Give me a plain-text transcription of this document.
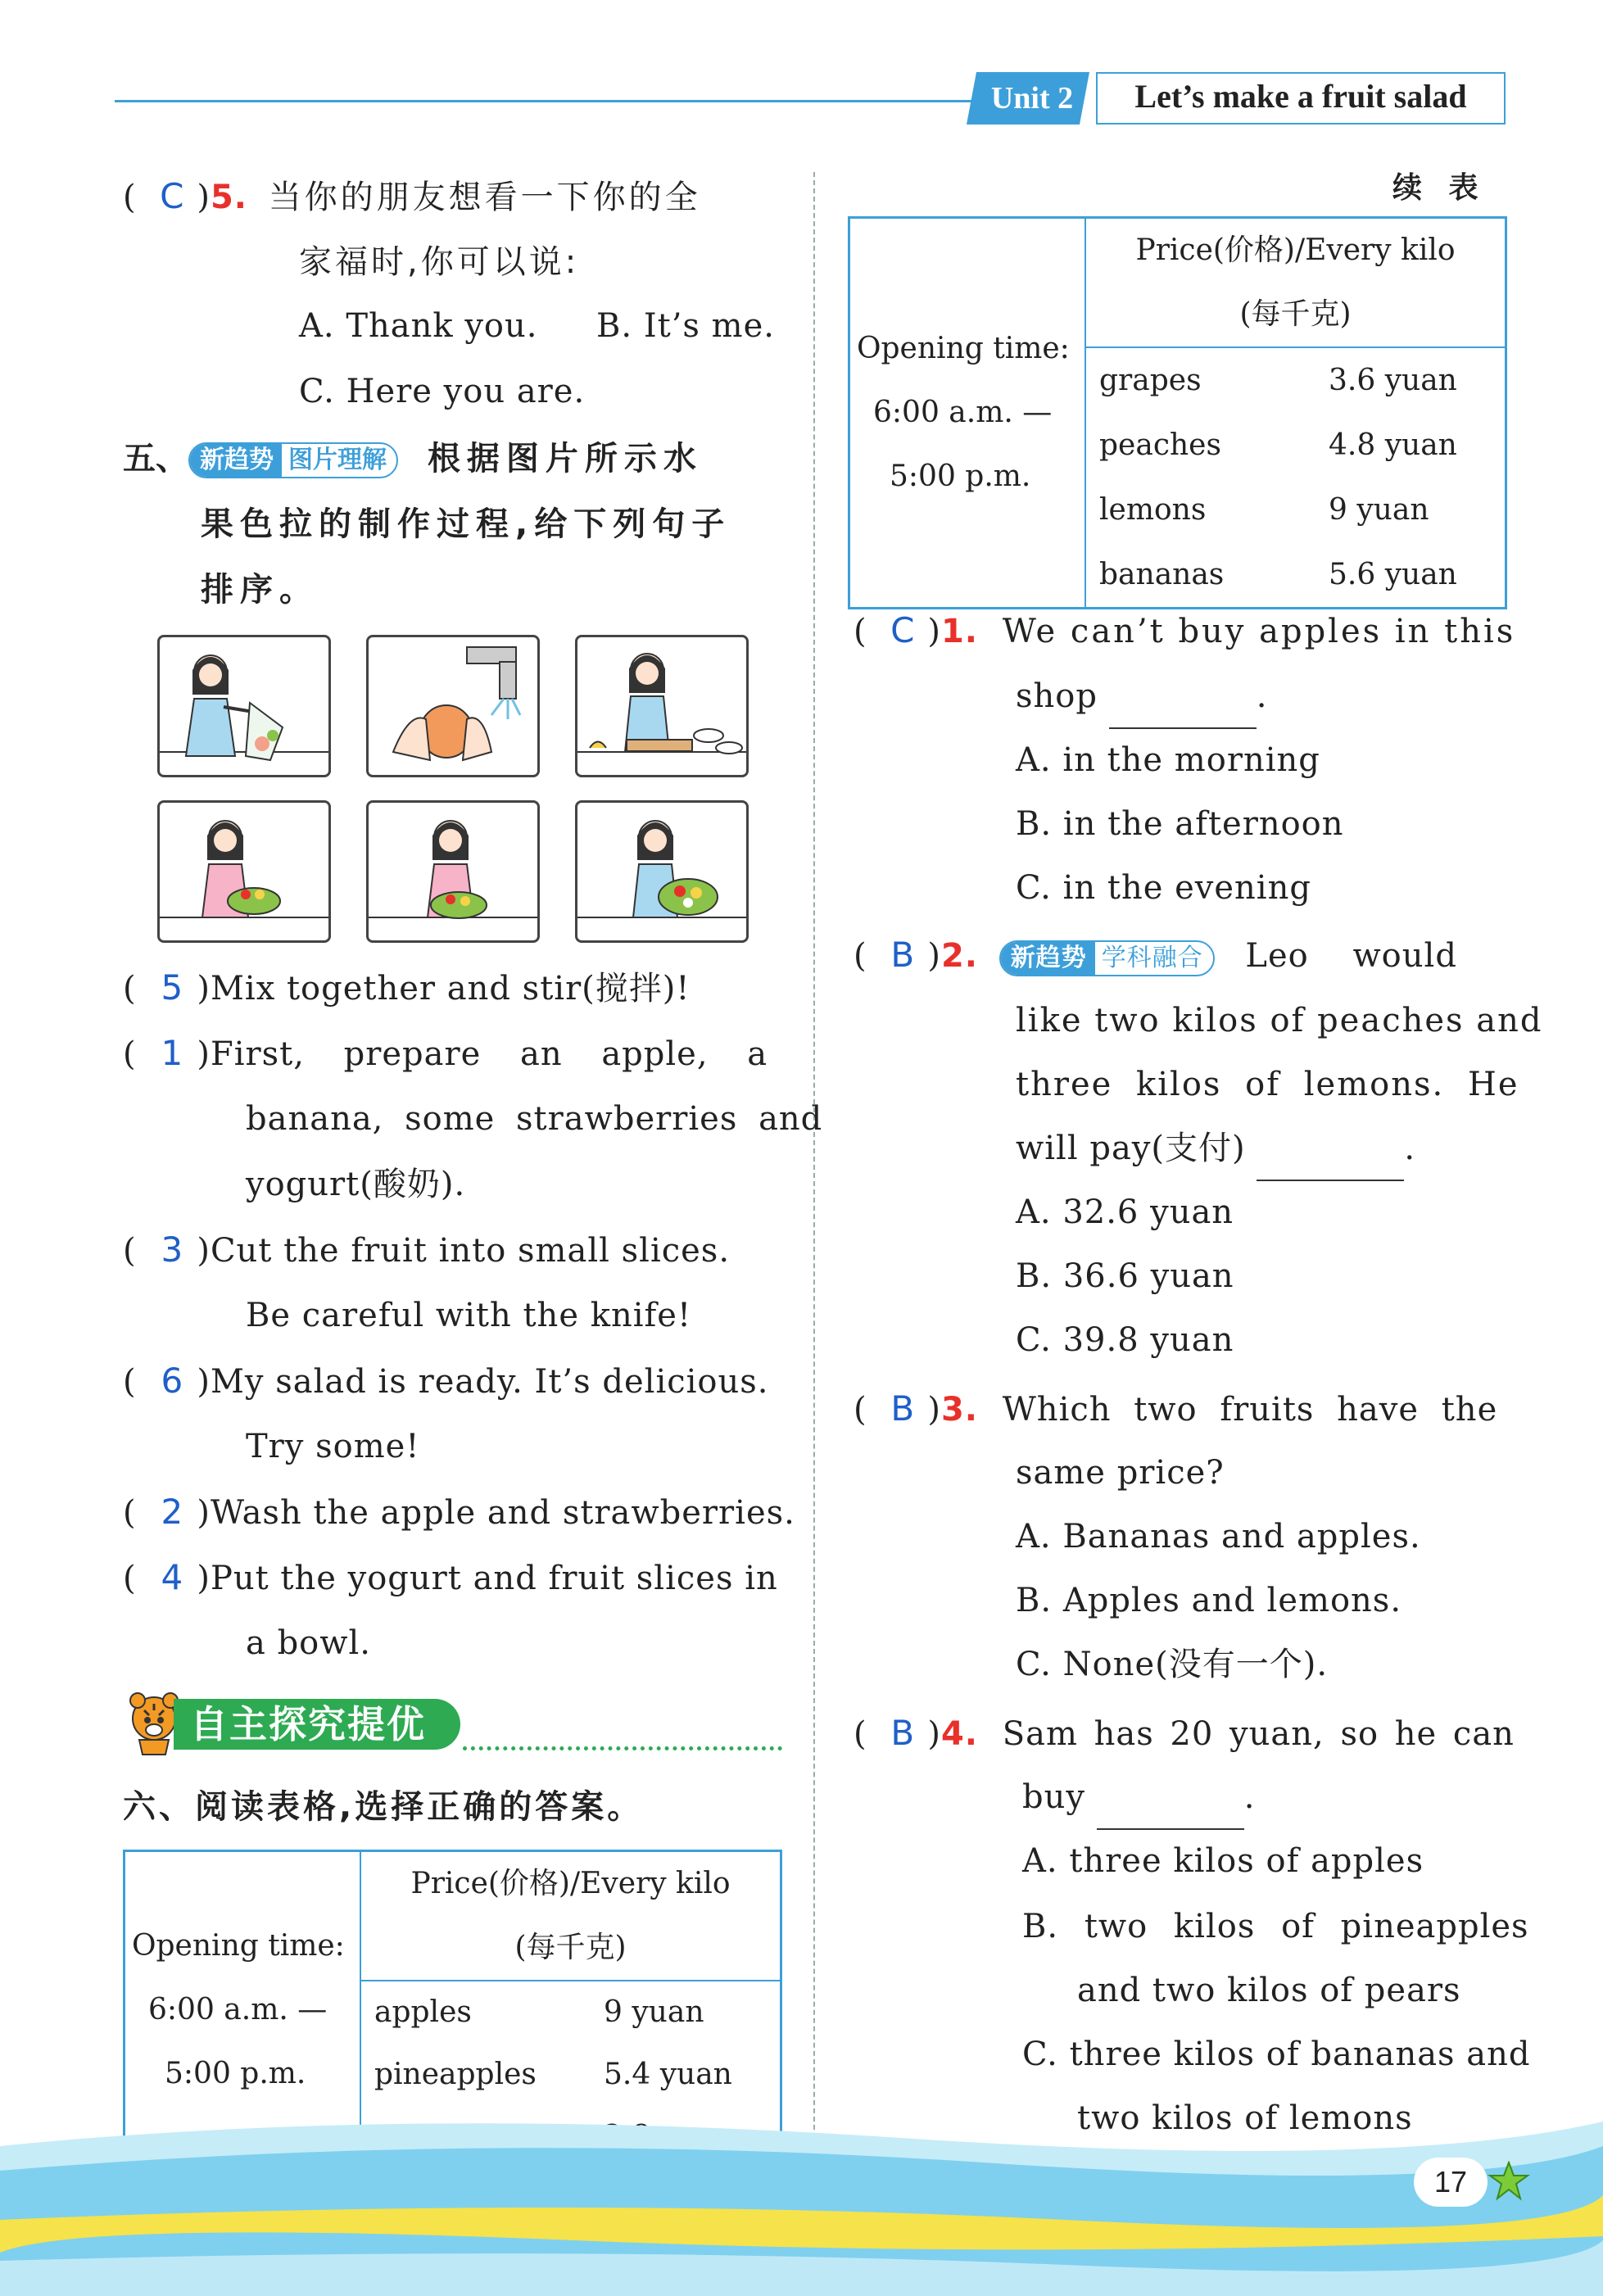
Unit 2	Let’s make a fruit salad
( C )5. 当你的朋友想看一下你的全
家福时,你可以说:
A. Thank you. B. It’s me.
C. Here you are.
五、 新趋势 图片理解 根据图片所示水
果色拉的制作过程,给下列句子
排序。
( 5 )Mix together and stir(搅拌)!
( 1 )First, prepare an apple, a
banana, some strawberries and
yogurt(酸奶).
( 3 )Cut the fruit into small slices.
Be careful with the knife!
( 6 )My salad is ready. It’s delicious.
Try some!
( 2 )Wash the apple and strawberries.
( 4 )Put the yogurt and fruit slices in
a bowl.
自主探究提优
六、阅读表格,选择正确的答案。
Opening time:
6:00 a.m. —
5:00 p.m.

Price(价格)/Every kilo
(每千克)

apples	9 yuan
pineapples	5.4 yuan
续 表
Opening time:
6:00 a.m. —
5:00 p.m.

Price(价格)/Every kilo
(每千克)

grapes	3.6 yuan
peaches	4.8 yuan
lemons	9 yuan
bananas	5.6 yuan
( C )1. We can’t buy apples in this
shop	.
A. in the morning
B. in the afternoon
C. in the evening
( B )2. 新趋势 学科融合 Leo would
like two kilos of peaches and
three kilos of lemons. He
will pay(支付)	.
A. 32.6 yuan
B. 36.6 yuan
C. 39.8 yuan
( B )3. Which two fruits have the
same price?
A. Bananas and apples.
B. Apples and lemons.
C. None(没有一个).
( B )4. Sam has 20 yuan, so he can
buy	.
A. three kilos of apples
B. two kilos of pineapples
and two kilos of pears
C. three kilos of bananas and
two kilos of lemons
17
